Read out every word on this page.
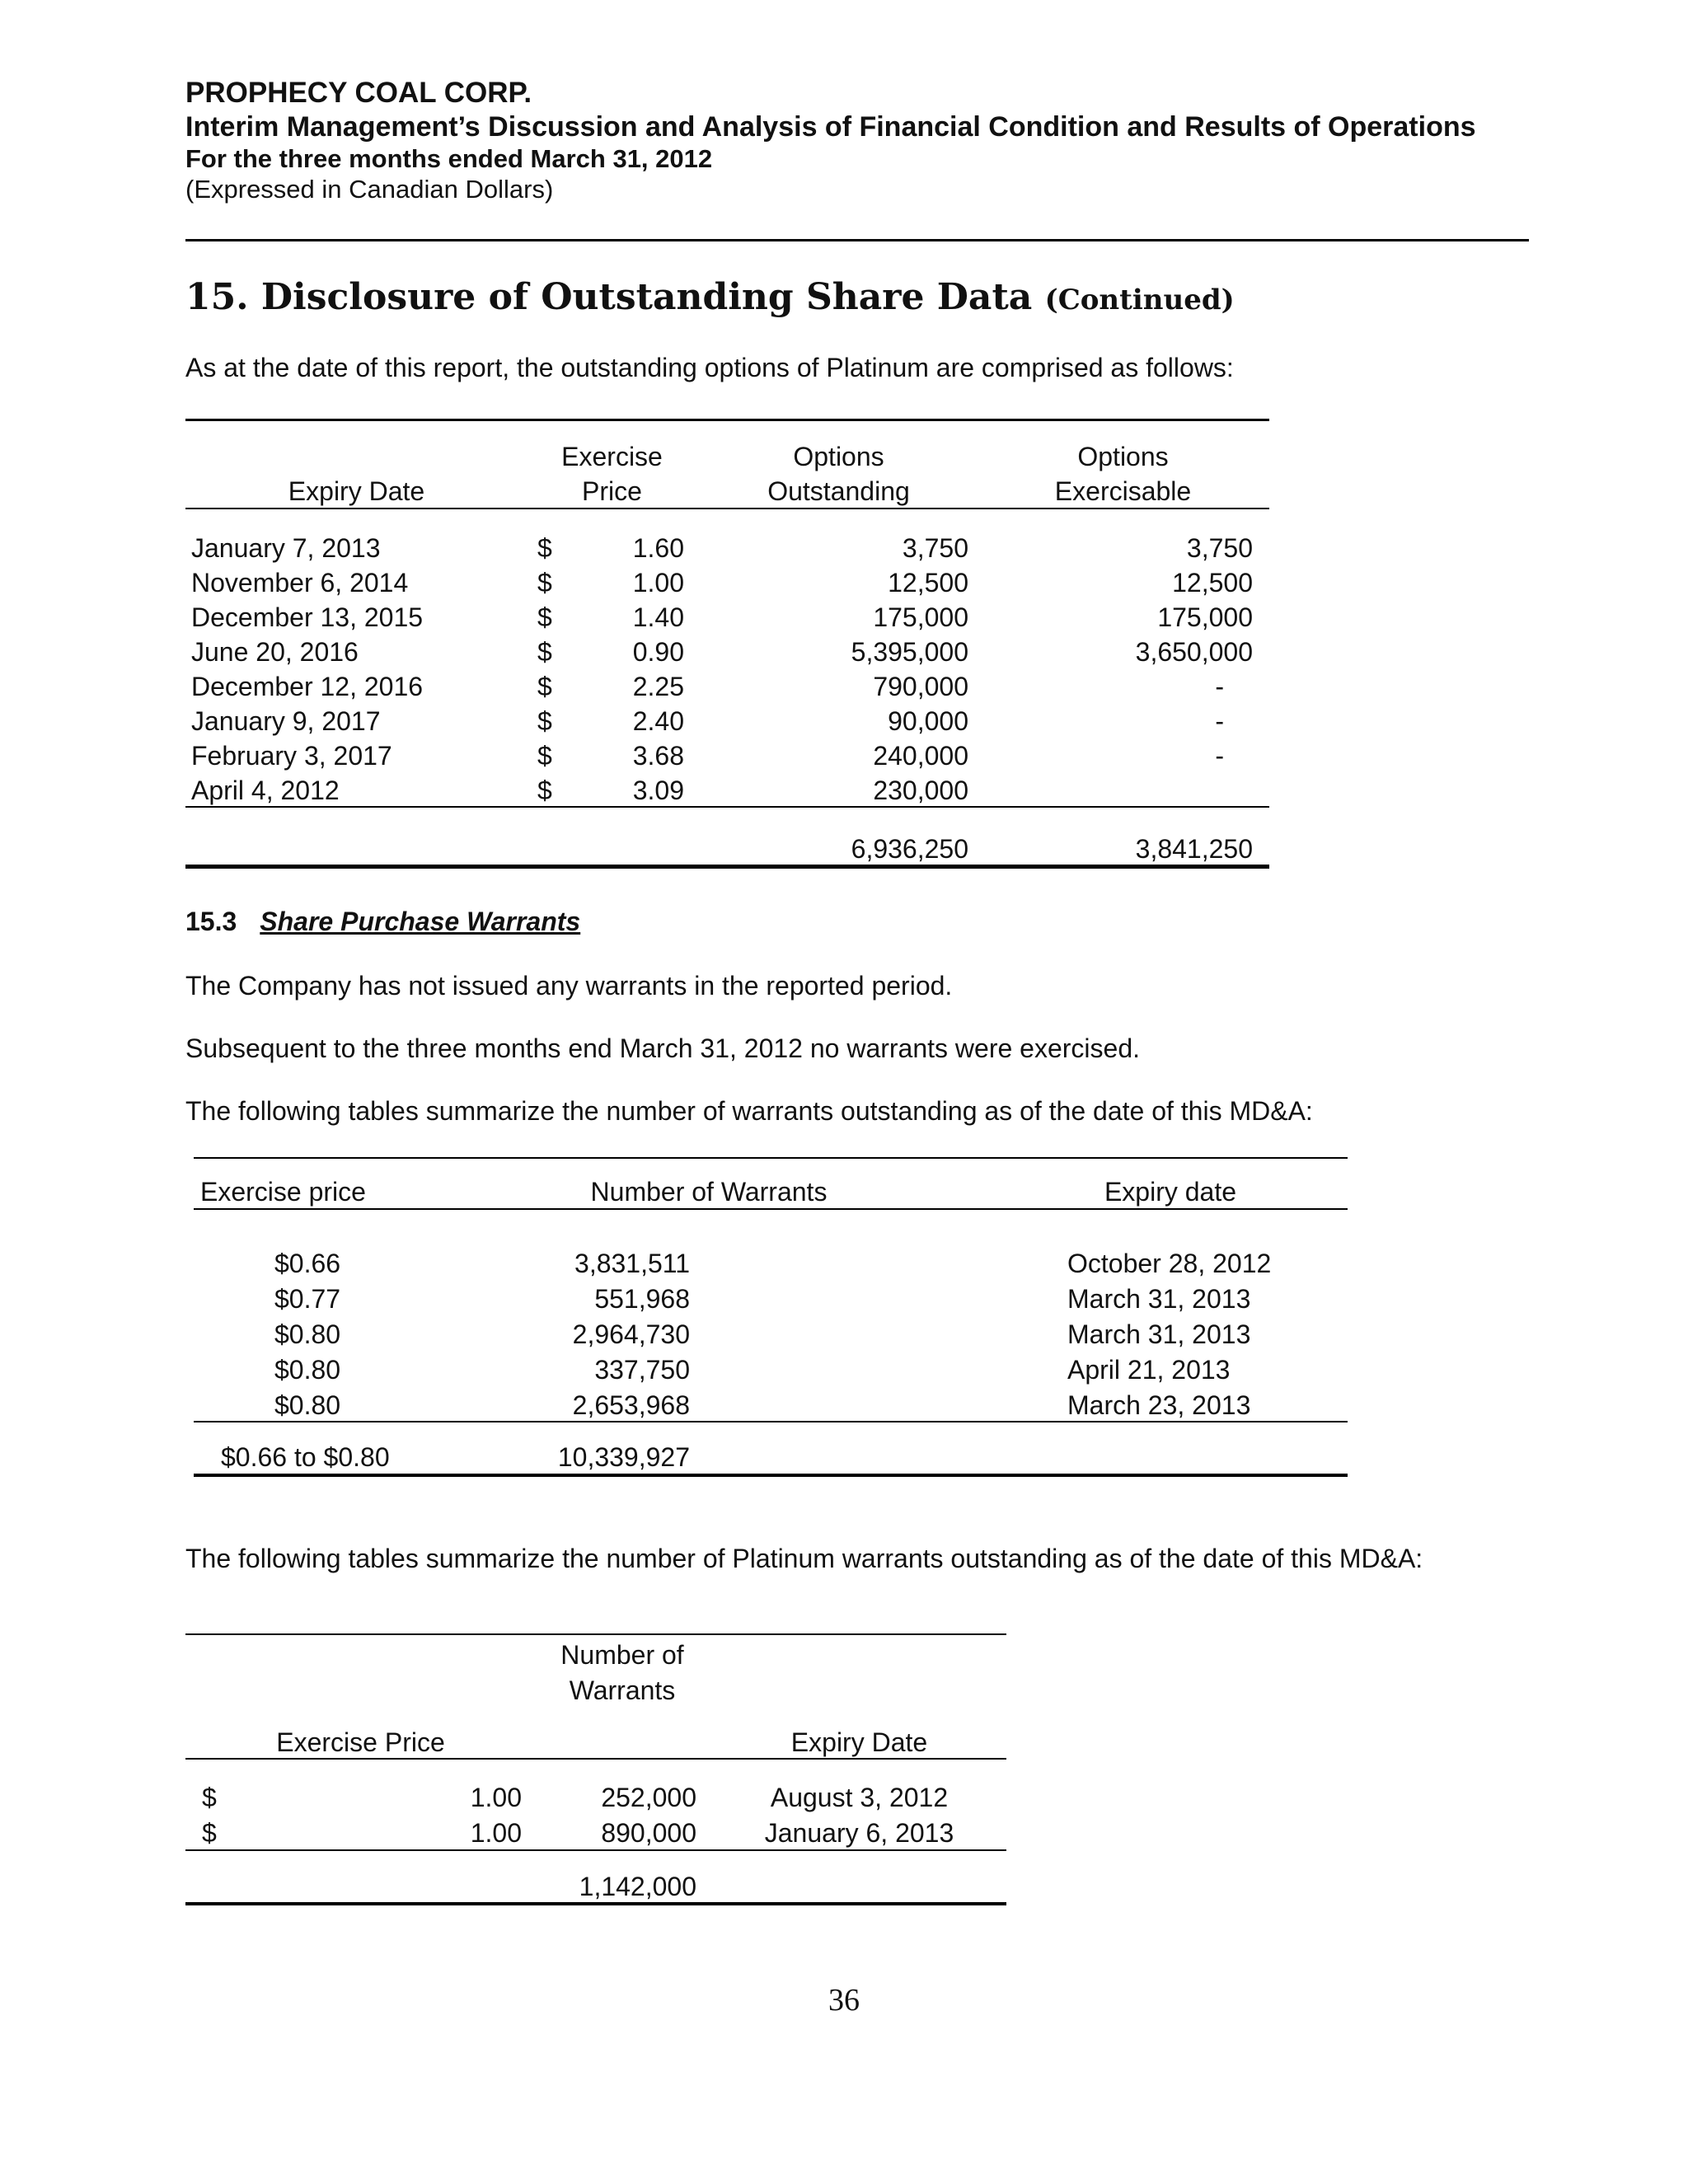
PROPHECY COAL CORP.
Interim Management’s Discussion and Analysis of Financial Condition and Results of Operations
For the three months ended March 31, 2012
(Expressed in Canadian Dollars)
15. Disclosure of Outstanding Share Data (Continued)
As at the date of this report, the outstanding options of Platinum are comprised as follows:
Exercise	Options	Options
Expiry Date	Price	Outstanding	Exercisable
January 7, 2013	$	1.60	3,750	3,750
November 6, 2014	$	1.00	12,500	12,500
December 13, 2015	$	1.40	175,000	175,000
June 20, 2016	$	0.90	5,395,000	3,650,000
December 12, 2016	$	2.25	790,000	-
January 9, 2017	$	2.40	90,000	-
February 3, 2017	$	3.68	240,000	-
April 4, 2012	$	3.09	230,000
6,936,250	3,841,250
15.3 Share Purchase Warrants
The Company has not issued any warrants in the reported period.
Subsequent to the three months end March 31, 2012 no warrants were exercised.
The following tables summarize the number of warrants outstanding as of the date of this MD&A:
Exercise price	Number of Warrants	Expiry date
$0.66	3,831,511	October 28, 2012
$0.77	551,968	March 31, 2013
$0.80	2,964,730	March 31, 2013
$0.80	337,750	April 21, 2013
$0.80	2,653,968	March 23, 2013
$0.66 to $0.80	10,339,927
The following tables summarize the number of Platinum warrants outstanding as of the date of this MD&A:
Number of
Warrants
Exercise Price	Expiry Date
$	1.00	252,000	August 3, 2012
$	1.00	890,000	January 6, 2013
1,142,000
36
